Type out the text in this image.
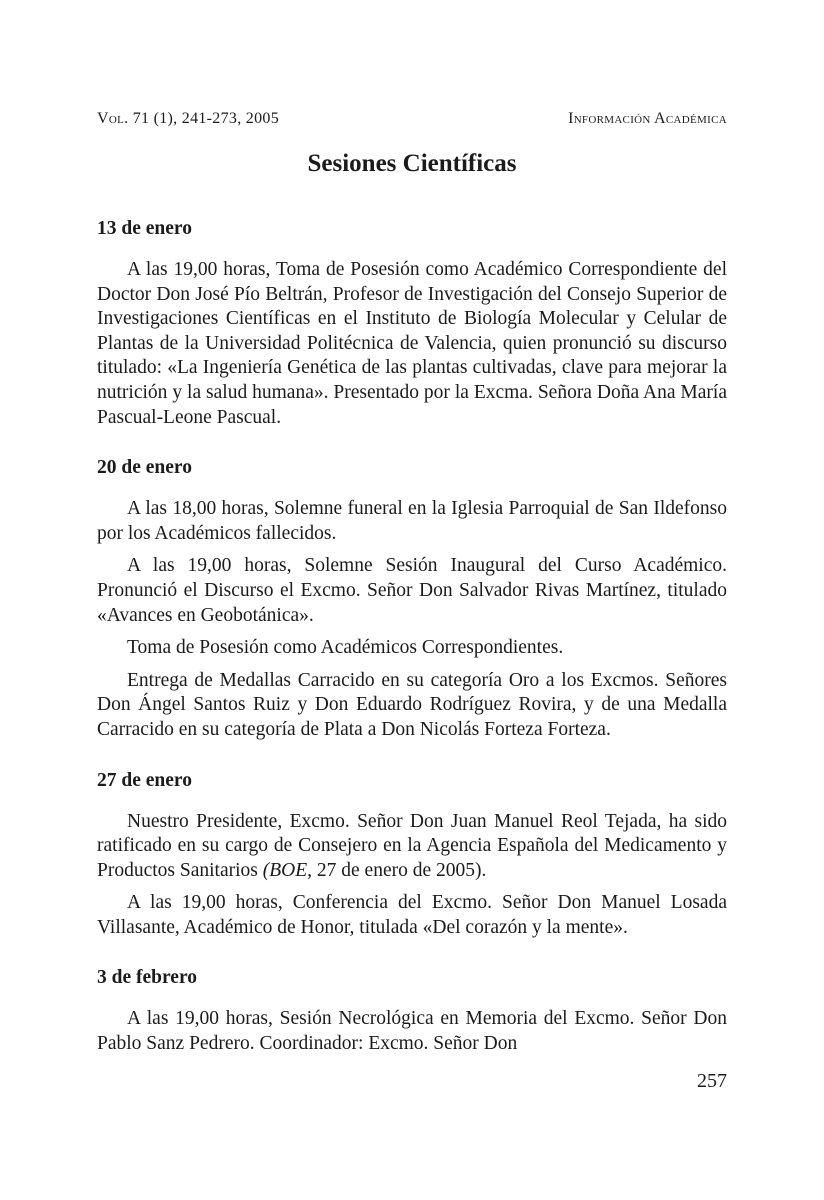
Vol. 71 (1), 241-273, 2005	Información Académica
Sesiones Científicas
13 de enero

A las 19,00 horas, Toma de Posesión como Académico Correspondiente del Doctor Don José Pío Beltrán, Profesor de Investigación del Consejo Superior de Investigaciones Científicas en el Instituto de Biología Molecular y Celular de Plantas de la Universidad Politécnica de Valencia, quien pronunció su discurso titulado: «La Ingeniería Genética de las plantas cultivadas, clave para mejorar la nutrición y la salud humana». Presentado por la Excma. Señora Doña Ana María Pascual-Leone Pascual.

20 de enero

A las 18,00 horas, Solemne funeral en la Iglesia Parroquial de San Ildefonso por los Académicos fallecidos.

A las 19,00 horas, Solemne Sesión Inaugural del Curso Académico. Pronunció el Discurso el Excmo. Señor Don Salvador Rivas Martínez, titulado «Avances en Geobotánica».

Toma de Posesión como Académicos Correspondientes.

Entrega de Medallas Carracido en su categoría Oro a los Excmos. Señores Don Ángel Santos Ruiz y Don Eduardo Rodríguez Rovira, y de una Medalla Carracido en su categoría de Plata a Don Nicolás Forteza Forteza.

27 de enero

Nuestro Presidente, Excmo. Señor Don Juan Manuel Reol Tejada, ha sido ratificado en su cargo de Consejero en la Agencia Española del Medicamento y Productos Sanitarios (BOE, 27 de enero de 2005).

A las 19,00 horas, Conferencia del Excmo. Señor Don Manuel Losada Villasante, Académico de Honor, titulada «Del corazón y la mente».

3 de febrero

A las 19,00 horas, Sesión Necrológica en Memoria del Excmo. Señor Don Pablo Sanz Pedrero. Coordinador: Excmo. Señor Don

257
